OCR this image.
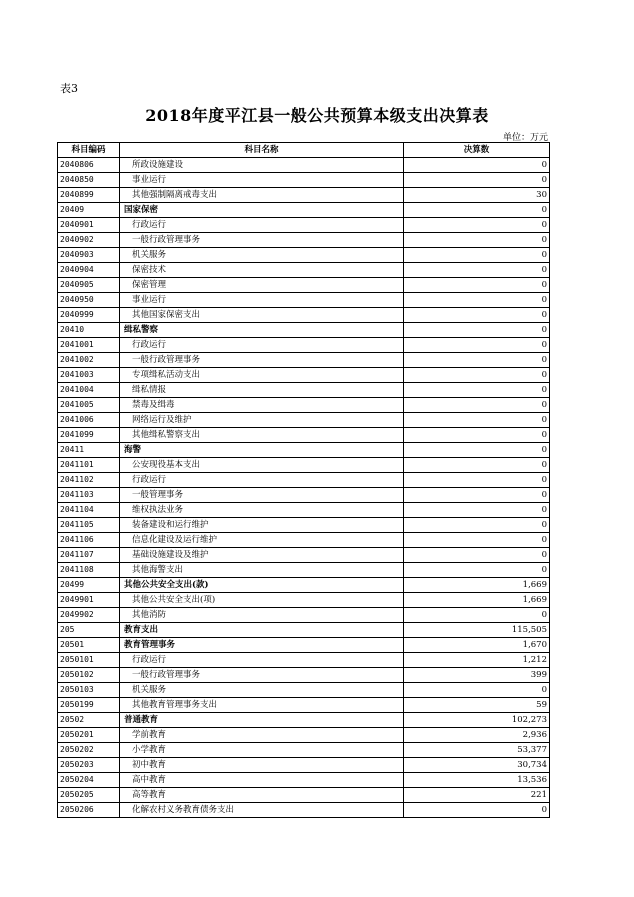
表3
2018年度平江县一般公共预算本级支出决算表
单位：万元
科目编码	科目名称	决算数
2040806	所政设施建设	0
2040850	事业运行	0
2040899	其他强制隔离戒毒支出	30
20409	国家保密	0
2040901	行政运行	0
2040902	一般行政管理事务	0
2040903	机关服务	0
2040904	保密技术	0
2040905	保密管理	0
2040950	事业运行	0
2040999	其他国家保密支出	0
20410	缉私警察	0
2041001	行政运行	0
2041002	一般行政管理事务	0
2041003	专项缉私活动支出	0
2041004	缉私情报	0
2041005	禁毒及缉毒	0
2041006	网络运行及维护	0
2041099	其他缉私警察支出	0
20411	海警	0
2041101	公安现役基本支出	0
2041102	行政运行	0
2041103	一般管理事务	0
2041104	维权执法业务	0
2041105	装备建设和运行维护	0
2041106	信息化建设及运行维护	0
2041107	基础设施建设及维护	0
2041108	其他海警支出	0
20499	其他公共安全支出(款)	1,669
2049901	其他公共安全支出(项)	1,669
2049902	其他消防	0
205	教育支出	115,505
20501	教育管理事务	1,670
2050101	行政运行	1,212
2050102	一般行政管理事务	399
2050103	机关服务	0
2050199	其他教育管理事务支出	59
20502	普通教育	102,273
2050201	学前教育	2,936
2050202	小学教育	53,377
2050203	初中教育	30,734
2050204	高中教育	13,536
2050205	高等教育	221
2050206	化解农村义务教育债务支出	0
